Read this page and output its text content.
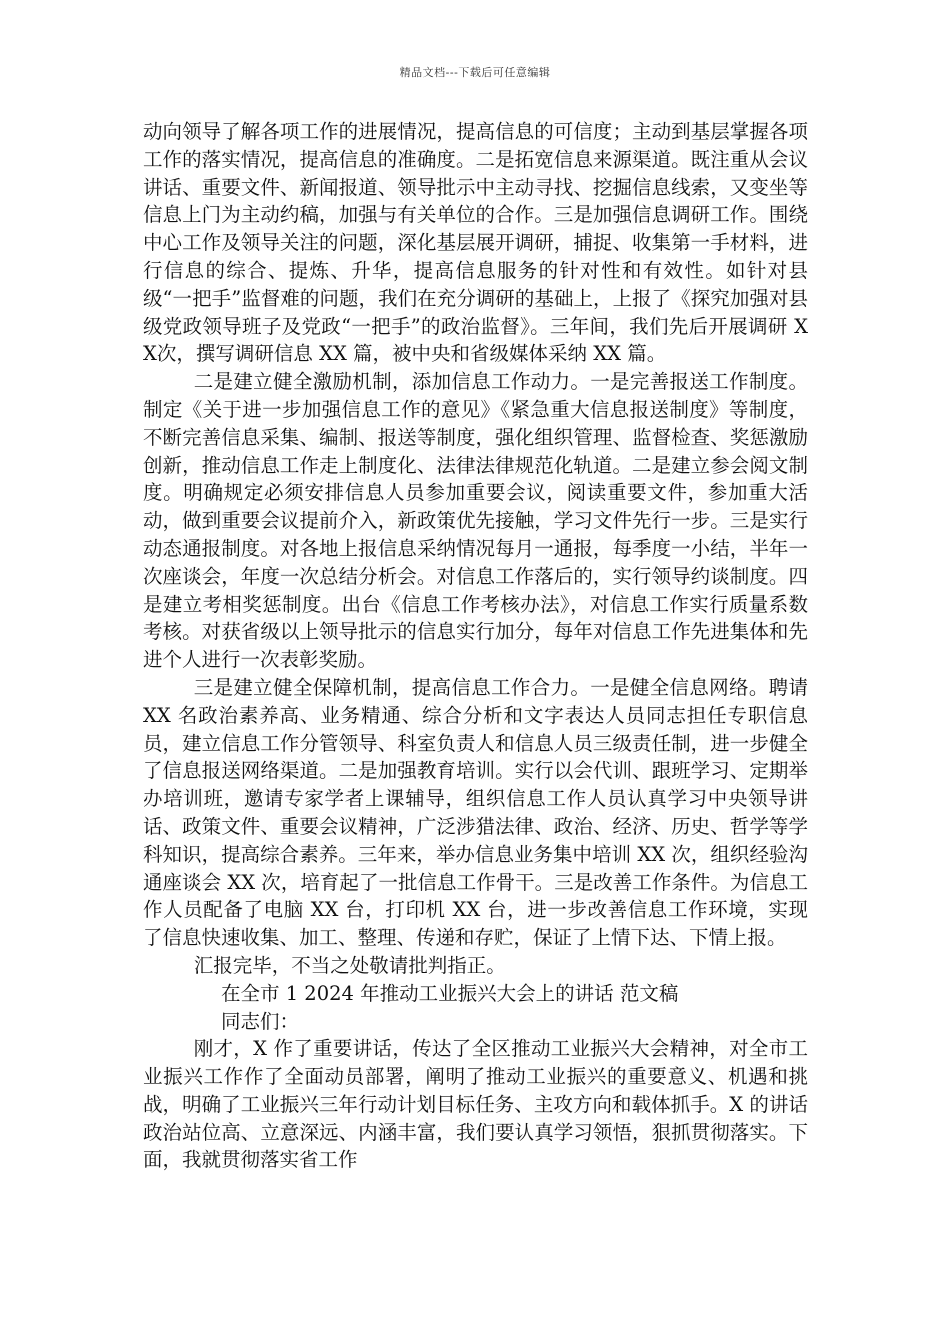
精品文档---下载后可任意编辑

动向领导了解各项工作的进展情况，提高信息的可信度；主动到基层掌握各项工作的落实情况，提高信息的准确度。二是拓宽信息来源渠道。既注重从会议讲话、重要文件、新闻报道、领导批示中主动寻找、挖掘信息线索，又变坐等信息上门为主动约稿，加强与有关单位的合作。三是加强信息调研工作。围绕中心工作及领导关注的问题，深化基层展开调研，捕捉、收集第一手材料，进行信息的综合、提炼、升华，提高信息服务的针对性和有效性。如针对县级“一把手”监督难的问题，我们在充分调研的基础上，上报了《探究加强对县级党政领导班子及党政“一把手”的政治监督》。三年间，我们先后开展调研 XX次，撰写调研信息 XX 篇，被中央和省级媒体采纳 XX 篇。

二是建立健全激励机制，添加信息工作动力。一是完善报送工作制度。制定《关于进一步加强信息工作的意见》《紧急重大信息报送制度》等制度，不断完善信息采集、编制、报送等制度，强化组织管理、监督检查、奖惩激励创新，推动信息工作走上制度化、法律法律规范化轨道。二是建立参会阅文制度。明确规定必须安排信息人员参加重要会议，阅读重要文件，参加重大活动，做到重要会议提前介入，新政策优先接触，学习文件先行一步。三是实行动态通报制度。对各地上报信息采纳情况每月一通报，每季度一小结，半年一次座谈会，年度一次总结分析会。对信息工作落后的，实行领导约谈制度。四是建立考相奖惩制度。出台《信息工作考核办法》，对信息工作实行质量系数考核。对获省级以上领导批示的信息实行加分，每年对信息工作先进集体和先进个人进行一次表彰奖励。

三是建立健全保障机制，提高信息工作合力。一是健全信息网络。聘请 XX 名政治素养高、业务精通、综合分析和文字表达人员同志担任专职信息员，建立信息工作分管领导、科室负责人和信息人员三级责任制，进一步健全了信息报送网络渠道。二是加强教育培训。实行以会代训、跟班学习、定期举办培训班，邀请专家学者上课辅导，组织信息工作人员认真学习中央领导讲话、政策文件、重要会议精神，广泛涉猎法律、政治、经济、历史、哲学等学科知识，提高综合素养。三年来，举办信息业务集中培训 XX 次，组织经验沟通座谈会 XX 次，培育起了一批信息工作骨干。三是改善工作条件。为信息工作人员配备了电脑 XX 台，打印机 XX 台，进一步改善信息工作环境，实现了信息快速收集、加工、整理、传递和存贮，保证了上情下达、下情上报。

汇报完毕，不当之处敬请批判指正。

在全市 1 2024 年推动工业振兴大会上的讲话 范文稿

同志们：

刚才，X 作了重要讲话，传达了全区推动工业振兴大会精神，对全市工业振兴工作作了全面动员部署，阐明了推动工业振兴的重要意义、机遇和挑战，明确了工业振兴三年行动计划目标任务、主攻方向和载体抓手。X 的讲话政治站位高、立意深远、内涵丰富，我们要认真学习领悟，狠抓贯彻落实。下面，我就贯彻落实省工作
